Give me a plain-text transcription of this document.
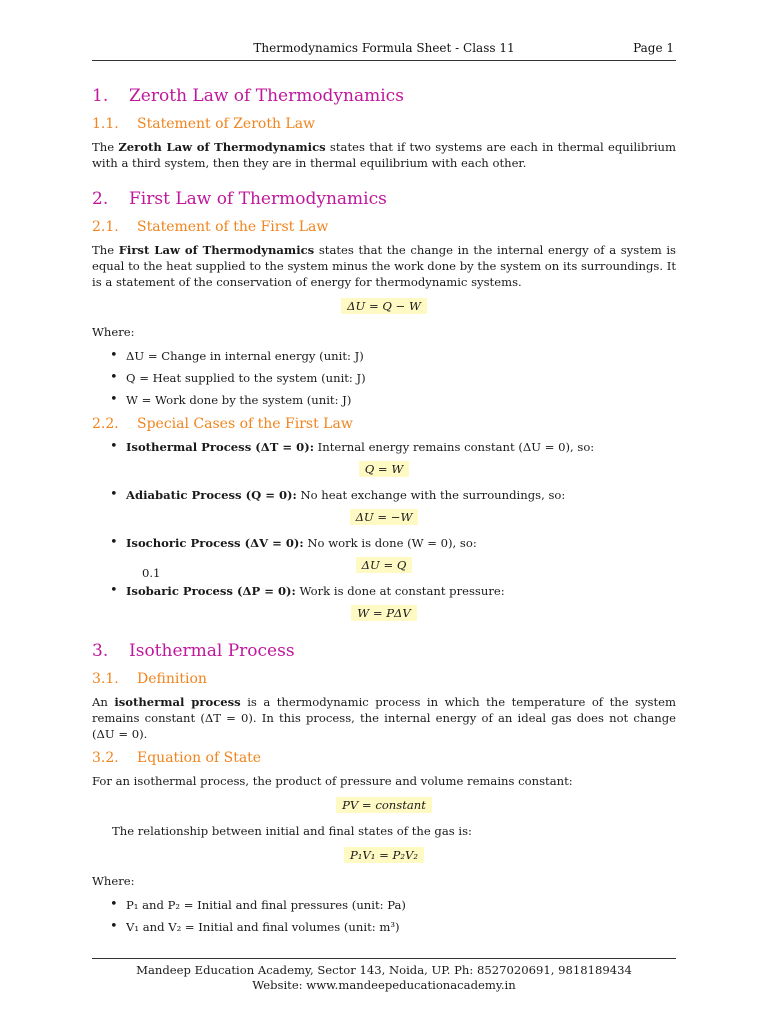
Thermodynamics Formula Sheet - Class 11	Page 1
1. Zeroth Law of Thermodynamics
1.1. Statement of Zeroth Law

The Zeroth Law of Thermodynamics states that if two systems are each in thermal equilibrium with a third system, then they are in thermal equilibrium with each other.

2. First Law of Thermodynamics
2.1. Statement of the First Law

The First Law of Thermodynamics states that the change in the internal energy of a system is equal to the heat supplied to the system minus the work done by the system on its surroundings. It is a statement of the conservation of energy for thermodynamic systems.

ΔU = Q − W

Where:

• ΔU = Change in internal energy (unit: J)
• Q = Heat supplied to the system (unit: J)
• W = Work done by the system (unit: J)
2.2. Special Cases of the First Law
• Isothermal Process (ΔT = 0): Internal energy remains constant (ΔU = 0), so:
Q = W
• Adiabatic Process (Q = 0): No heat exchange with the surroundings, so:
ΔU = −W
• Isochoric Process (ΔV = 0): No work is done (W = 0), so:
0.1
ΔU = Q
• Isobaric Process (ΔP = 0): Work is done at constant pressure:
W = PΔV
3. Isothermal Process
3.1. Definition

An isothermal process is a thermodynamic process in which the temperature of the system remains constant (ΔT = 0). In this process, the internal energy of an ideal gas does not change (ΔU = 0).

3.2. Equation of State

For an isothermal process, the product of pressure and volume remains constant:

PV = constant

The relationship between initial and final states of the gas is:

P₁V₁ = P₂V₂

Where:

• P₁ and P₂ = Initial and final pressures (unit: Pa)
• V₁ and V₂ = Initial and final volumes (unit: m³)
Mandeep Education Academy, Sector 143, Noida, UP. Ph: 8527020691, 9818189434
Website: www.mandeepeducationacademy.in
